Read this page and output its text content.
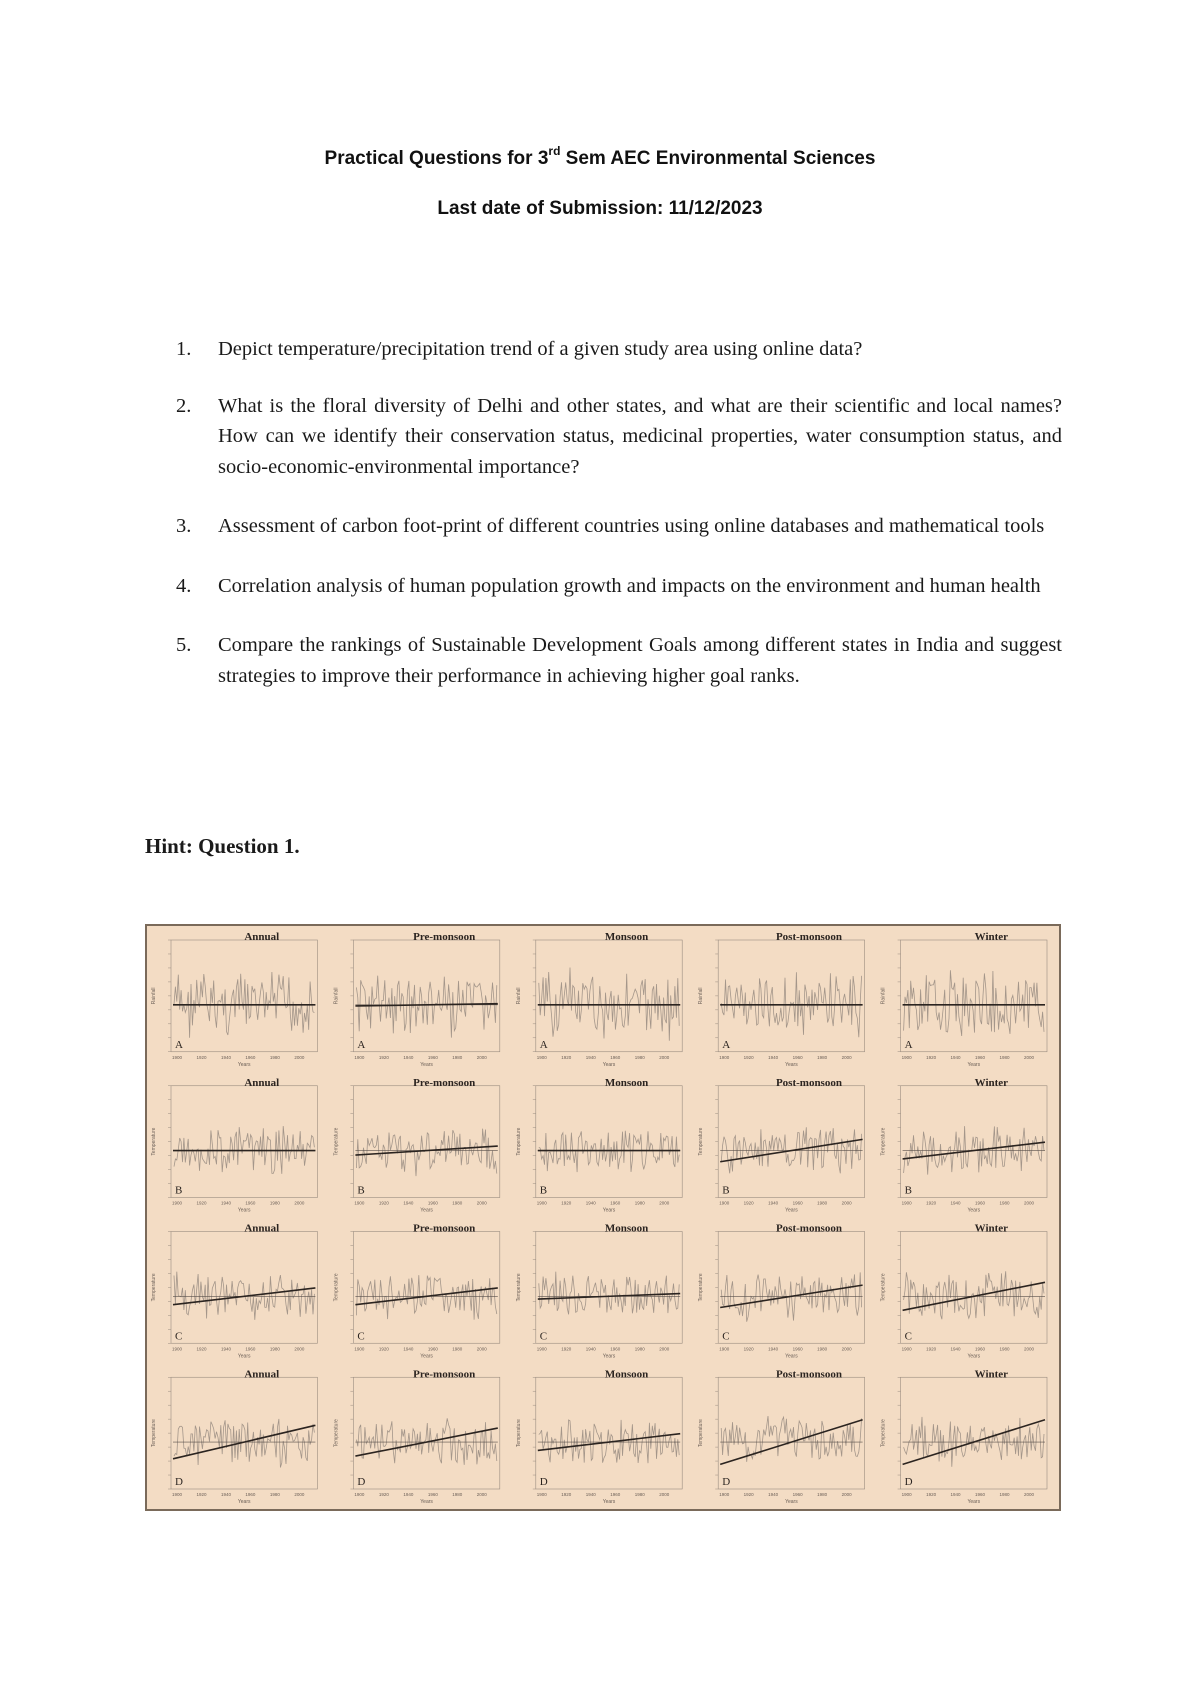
Practical Questions for 3rd Sem AEC Environmental Sciences
Last date of Submission: 11/12/2023
1. Depict temperature/precipitation trend of a given study area using online data?
2. What is the floral diversity of Delhi and other states, and what are their scientific and local names? How can we identify their conservation status, medicinal properties, water consumption status, and socio-economic-environmental importance?
3. Assessment of carbon foot-print of different countries using online databases and mathematical tools
4. Correlation analysis of human population growth and impacts on the environment and human health
5. Compare the rankings of Sustainable Development Goals among different states in India and suggest strategies to improve their performance in achieving higher goal ranks.
Hint: Question 1.
Annual
A
Rainfall
1900	1920	1940	1960	1980	2000
Years
Pre-monsoon
A
Rainfall
1900	1920	1940	1960	1980	2000
Years
Monsoon
A
Rainfall
1900	1920	1940	1960	1980	2000
Years
Post-monsoon
A
Rainfall
1900	1920	1940	1960	1980	2000
Years
Winter
A
Rainfall
1900	1920	1940	1960	1980	2000
Years
Annual
B
Temperature
1900	1920	1940	1960	1980	2000
Years
Pre-monsoon
B
Temperature
1900	1920	1940	1960	1980	2000
Years
Monsoon
B
Temperature
1900	1920	1940	1960	1980	2000
Years
Post-monsoon
B
Temperature
1900	1920	1940	1960	1980	2000
Years
Winter
B
Temperature
1900	1920	1940	1960	1980	2000
Years
Annual
C
Temperature
1900	1920	1940	1960	1980	2000
Years
Pre-monsoon
C
Temperature
1900	1920	1940	1960	1980	2000
Years
Monsoon
C
Temperature
1900	1920	1940	1960	1980	2000
Years
Post-monsoon
C
Temperature
1900	1920	1940	1960	1980	2000
Years
Winter
C
Temperature
1900	1920	1940	1960	1980	2000
Years
Annual
D
Temperature
1900	1920	1940	1960	1980	2000
Years
Pre-monsoon
D
Temperature
1900	1920	1940	1960	1980	2000
Years
Monsoon
D
Temperature
1900	1920	1940	1960	1980	2000
Years
Post-monsoon
D
Temperature
1900	1920	1940	1960	1980	2000
Years
Winter
D
Temperature
1900	1920	1940	1960	1980	2000
Years
